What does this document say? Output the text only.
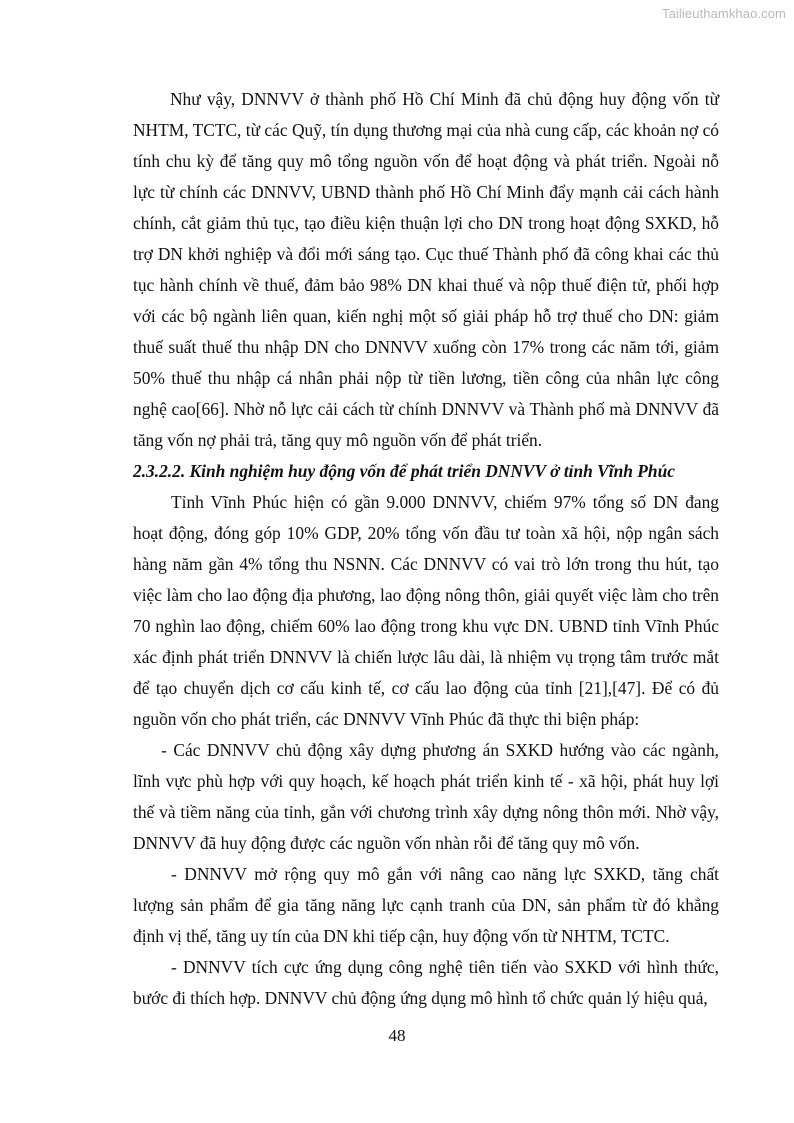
Tailieuthamkhao.com

Như vậy, DNNVV ở thành phố Hồ Chí Minh đã chủ động huy động vốn từ NHTM, TCTC, từ các Quỹ, tín dụng thương mại của nhà cung cấp, các khoản nợ có tính chu kỳ để tăng quy mô tổng nguồn vốn để hoạt động và phát triển. Ngoài nỗ lực từ chính các DNNVV, UBND thành phố Hồ Chí Minh đẩy mạnh cải cách hành chính, cắt giảm thủ tục, tạo điều kiện thuận lợi cho DN trong hoạt động SXKD, hỗ trợ DN khởi nghiệp và đổi mới sáng tạo. Cục thuế Thành phố đã công khai các thủ tục hành chính về thuế, đảm bảo 98% DN khai thuế và nộp thuế điện tử, phối hợp với các bộ ngành liên quan, kiến nghị một số giải pháp hỗ trợ thuế cho DN: giảm thuế suất thuế thu nhập DN cho DNNVV xuống còn 17% trong các năm tới, giảm 50% thuế thu nhập cá nhân phải nộp từ tiền lương, tiền công của nhân lực công nghệ cao[66]. Nhờ nỗ lực cải cách từ chính DNNVV và Thành phố mà DNNVV đã tăng vốn nợ phải trả, tăng quy mô nguồn vốn để phát triển.

2.3.2.2. Kinh nghiệm huy động vốn để phát triển DNNVV ở tỉnh Vĩnh Phúc

Tỉnh Vĩnh Phúc hiện có gần 9.000 DNNVV, chiếm 97% tổng số DN đang hoạt động, đóng góp 10% GDP, 20% tổng vốn đầu tư toàn xã hội, nộp ngân sách hàng năm gần 4% tổng thu NSNN. Các DNNVV có vai trò lớn trong thu hút, tạo việc làm cho lao động địa phương, lao động nông thôn, giải quyết việc làm cho trên 70 nghìn lao động, chiếm 60% lao động trong khu vực DN. UBND tỉnh Vĩnh Phúc xác định phát triển DNNVV là chiến lược lâu dài, là nhiệm vụ trọng tâm trước mắt để tạo chuyển dịch cơ cấu kinh tế, cơ cấu lao động của tỉnh [21],[47]. Để có đủ nguồn vốn cho phát triển, các DNNVV Vĩnh Phúc đã thực thi biện pháp:

- Các DNNVV chủ động xây dựng phương án SXKD hướng vào các ngành, lĩnh vực phù hợp với quy hoạch, kế hoạch phát triển kinh tế - xã hội, phát huy lợi thế và tiềm năng của tỉnh, gắn với chương trình xây dựng nông thôn mới. Nhờ vậy, DNNVV đã huy động được các nguồn vốn nhàn rỗi để tăng quy mô vốn.

- DNNVV mở rộng quy mô gắn với nâng cao năng lực SXKD, tăng chất lượng sản phẩm để gia tăng năng lực cạnh tranh của DN, sản phẩm từ đó khẳng định vị thế, tăng uy tín của DN khi tiếp cận, huy động vốn từ NHTM, TCTC.

- DNNVV tích cực ứng dụng công nghệ tiên tiến vào SXKD với hình thức, bước đi thích hợp. DNNVV chủ động ứng dụng mô hình tổ chức quản lý hiệu quả,

48
